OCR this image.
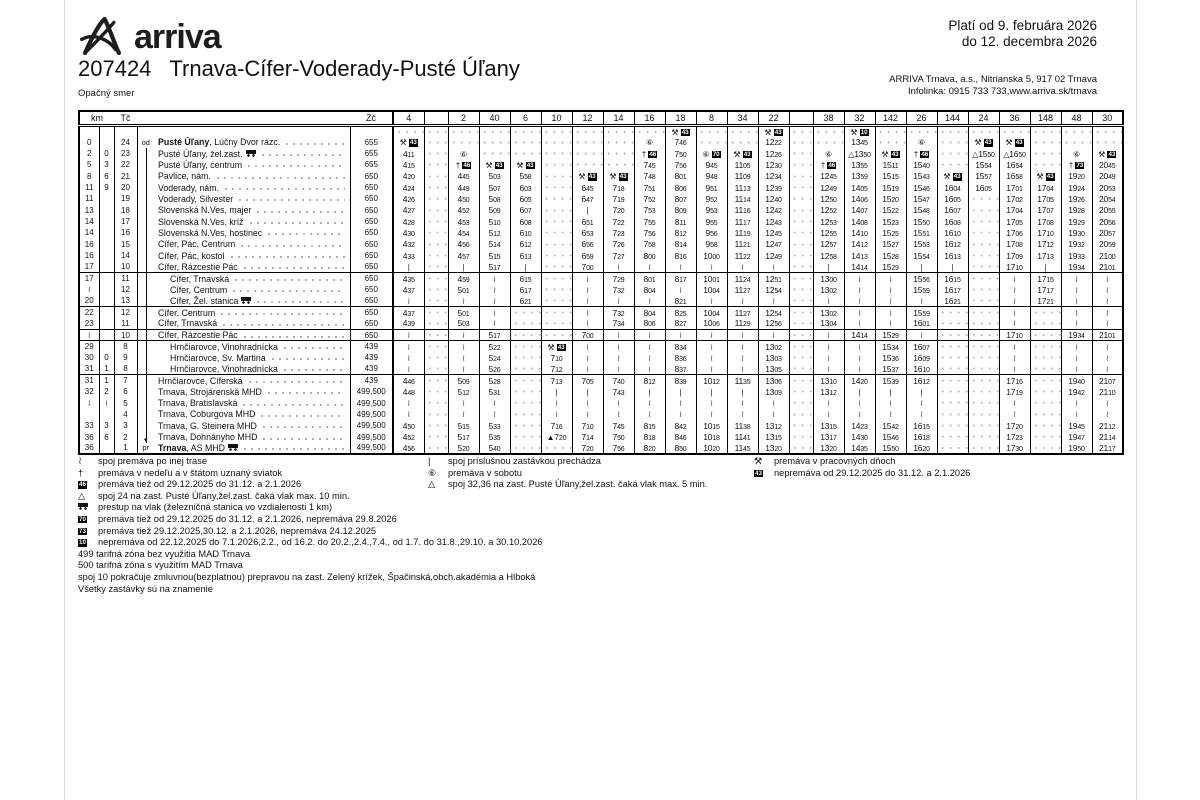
arriva
207424 Trnava-Cífer-Voderady-Pusté Úľany
Opačný smer
Platí od 9. februára 2026
do 12. decembra 2026
ARRIVA Trnava, a.s., Nitrianska 5, 917 02 Trnava
Infolinka: 0915 733 733,www.arriva.sk/trnava
km		Tč			Zč	4		2	40	6	10	12	14	16	18	8	34	22		38	32	142	26	144	24	36	148	48	30
															⚒ 43			⚒ 43			⚒ 10								
0		24	od	Pusté Úľany, Lúčny Dvor rázc.	655	⚒ 43								⑥	746			1222			1345		⑥		⚒ 43	⚒ 43			
2	0	23		Pusté Úľany, žel.zast.	655	411		⑥						† 46	750	⑥ 70	⚒ 43	1226		⑥	△1350	⚒ 43	† 46		△1550	△1650		⑥	⚒ 43
5	3	22		Pusté Úľany, centrum	655	415		† 46	⚒ 43	⚒ 43				745	756	945	1105	1230		† 46	1355	1511	1540		1554	1654		† 73	2045
8	6	21		Pavlice, nám.	650	420		445	503	558		⚒ 43	⚒ 43	748	801	948	1109	1234		1245	1359	1515	1543	⚒ 43	1557	1658	⚒ 43	1920	2049
11	9	20		Voderady, nám.	650	424		449	507	603		645	718	751	806	951	1113	1239		1249	1405	1519	1546	1604	1605	1701	1704	1924	2053
11		19		Voderady, Silvester	650	426		450	508	605		647	719	752	807	952	1114	1240		1250	1406	1520	1547	1605		1702	1705	1926	2054
13		18		Slovenská N.Ves, majer	650	427		452	509	607		|	720	753	809	953	1116	1242		1252	1407	1522	1548	1607		1704	1707	1928	2055
14		17		Slovenská N.Ves, kríž	650	428		453	510	608		651	722	755	811	955	1117	1243		1253	1408	1523	1550	1608		1705	1708	1929	2056
14		16		Slovenská N.Ves, hostinec	650	430		454	512	610		653	723	756	812	956	1119	1245		1255	1410	1525	1551	1610		1706	1710	1930	2057
16		15		Cífer, Pác, Centrum	650	432		456	514	612		656	726	758	814	958	1121	1247		1257	1412	1527	1553	1612		1708	1712	1932	2059
16		14		Cífer, Pác, kostol	650	433		457	515	613		659	727	800	816	1000	1122	1249		1258	1413	1528	1554	1613		1709	1713	1933	2100
17		10		Cífer, Rázcestie Pác	650	|		|	517	|		700	≀	≀	≀	≀	≀	≀		|	1414	1529	|	|		1710	|	1934	2101
17		11		Cífer, Trnavská	650	435		459	≀	615		≀	729	801	817	1001	1124	1251		1300	≀	≀	1556	1615		≀	1715	≀	≀
≀		12		Cífer, Centrum	650	437		501	≀	617		≀	732	804	≀	1004	1127	1254		1302	≀	≀	1559	1617		≀	1717	≀	≀
20		13		Cífer, Žel. stanica	650	≀		≀	≀	621		≀	≀	≀	821	≀	≀	≀		≀	≀	≀	≀	1621		≀	1721	≀	≀
22		12		Cífer, Centrum	650	437		501	≀			≀	732	804	825	1004	1127	1254		1302	≀	≀	1559			≀		≀	≀
23		11		Cífer, Trnavská	650	439		503	≀			≀	734	806	827	1006	1129	1256		1304	≀	≀	1601			≀		≀	≀
≀		10		Cífer, Rázcestie Pác	650	≀		≀	517			700	≀	≀	≀	≀	≀	≀		≀	1414	1529	≀			1710		1934	2101
29		8		Hrnčiarovce, Vinohradnícka	439	≀		≀	522		⚒ 43	≀	≀	≀	834	≀	≀	1302		≀	≀	1534	1607			≀		≀	≀
30	0	9		Hrnčiarovce, Sv. Martina	439	≀		≀	524		710	≀	≀	≀	836	≀	≀	1303		≀	≀	1536	1609			≀		≀	≀
31	1	8		Hrnčiarovce, Vinohradnícka	439	≀		≀	526		712	≀	≀	≀	837	≀	≀	1305		≀	≀	1537	1610			≀		≀	≀
31	1	7		Hrnčiarovce, Cíferská	439	446		509	528		713	705	740	812	839	1012	1135	1306		1310	1420	1539	1612			1716		1940	2107
32	2	6		Trnava, Strojárenská MHD	499,500	448		512	531		|	|	743	|	|	|	|	1309		1312	|	|	|			1719		1942	2110
≀	≀	5		Trnava, Bratislavská	499,500	≀		≀	≀		≀	≀	≀	≀	≀	≀	≀	≀		≀	≀	≀	≀			≀		≀	≀
		4		Trnava, Coburgova MHD	499,500	≀		≀	≀		≀	≀	≀	≀	≀	≀	≀	≀		≀	≀	≀	≀			≀		≀	≀
33	3	3		Trnava, G. Steinera MHD	499,500	450		515	533		716	710	745	815	842	1015	1138	1312		1315	1423	1542	1615			1720		1945	2112
36	6	2	▼	Trnava, Dohnányho MHD	499,500	452		517	535		▲720	714	750	818	846	1018	1141	1315		1317	1430	1546	1618			1723		1947	2114
36		1	pr	Trnava, AS MHD	499,500	456		520	540			720	756	820	850	1020	1145	1320		1320	1435	1550	1620			1730		1950	2117
≀	spoj premáva po inej trase
†	premáva v nedeľu a v štátom uznaný sviatok
46	premáva tiež od 29.12.2025 do 31.12. a 2.1.2026
△	spoj 24 na zast. Pusté Úľany,žel.zast. čaká vlak max. 10 min.
prestup na vlak (železničná stanica vo vzdialenosti 1 km)
70	premáva tiež od 29.12.2025 do 31.12. a 2.1.2026, nepremáva 29.8.2026
73	premáva tiež 29.12.2025,30.12. a 2.1.2026, nepremáva 24.12.2025
10	nepremáva od 22.12.2025 do 7.1.2026,2.2., od 16.2. do 20.2.,2.4.,7.4., od 1.7. do 31.8.,29.10. a 30.10.2026
499 tarifná zóna bez využitia MAD Trnava
500 tarifná zóna s využitím MAD Trnava
spoj 10 pokračuje zmluvnou(bezplatnou) prepravou na zast. Zelený krížek, Špačinská,obch.akadémia a Hlboká
Všetky zastávky sú na znamenie
|	spoj príslušnou zastávkou prechádza
⑥	premáva v sobotu
△	spoj 32,36 na zast. Pusté Úľany,žel.zast. čaká vlak max. 5 min.
⚒	premáva v pracovných dňoch
43	nepremáva od 29.12.2025 do 31.12. a 2.1.2026
